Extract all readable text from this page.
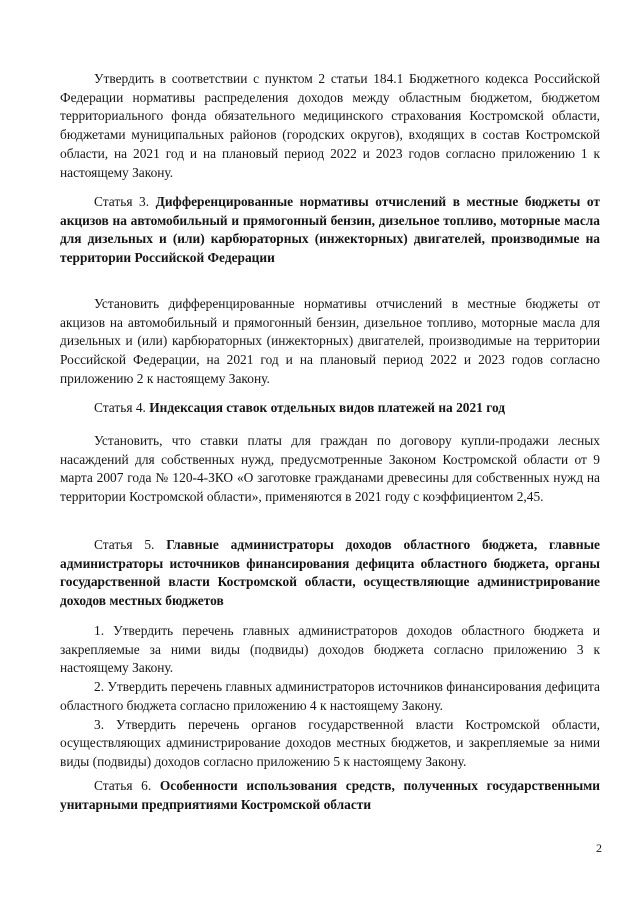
Утвердить в соответствии с пунктом 2 статьи 184.1 Бюджетного кодекса Российской Федерации нормативы распределения доходов между областным бюджетом, бюджетом территориального фонда обязательного медицинского страхования Костромской области, бюджетами муниципальных районов (городских округов), входящих в состав Костромской области, на 2021 год и на плановый период 2022 и 2023 годов согласно приложению 1 к настоящему Закону.

Статья 3. Дифференцированные нормативы отчислений в местные бюджеты от акцизов на автомобильный и прямогонный бензин, дизельное топливо, моторные масла для дизельных и (или) карбюраторных (инжекторных) двигателей, производимые на территории Российской Федерации

Установить дифференцированные нормативы отчислений в местные бюджеты от акцизов на автомобильный и прямогонный бензин, дизельное топливо, моторные масла для дизельных и (или) карбюраторных (инжекторных) двигателей, производимые на территории Российской Федерации, на 2021 год и на плановый период 2022 и 2023 годов согласно приложению 2 к настоящему Закону.

Статья 4. Индексация ставок отдельных видов платежей на 2021 год

Установить, что ставки платы для граждан по договору купли-продажи лесных насаждений для собственных нужд, предусмотренные Законом Костромской области от 9 марта 2007 года № 120-4-ЗКО «О заготовке гражданами древесины для собственных нужд на территории Костромской области», применяются в 2021 году с коэффициентом 2,45.

Статья 5. Главные администраторы доходов областного бюджета, главные администраторы источников финансирования дефицита областного бюджета, органы государственной власти Костромской области, осуществляющие администрирование доходов местных бюджетов

1. Утвердить перечень главных администраторов доходов областного бюджета и закрепляемые за ними виды (подвиды) доходов бюджета согласно приложению 3 к настоящему Закону.

2. Утвердить перечень главных администраторов источников финансирования дефицита областного бюджета согласно приложению 4 к настоящему Закону.

3. Утвердить перечень органов государственной власти Костромской области, осуществляющих администрирование доходов местных бюджетов, и закрепляемые за ними виды (подвиды) доходов согласно приложению 5 к настоящему Закону.

Статья 6. Особенности использования средств, полученных государственными унитарными предприятиями Костромской области

2
